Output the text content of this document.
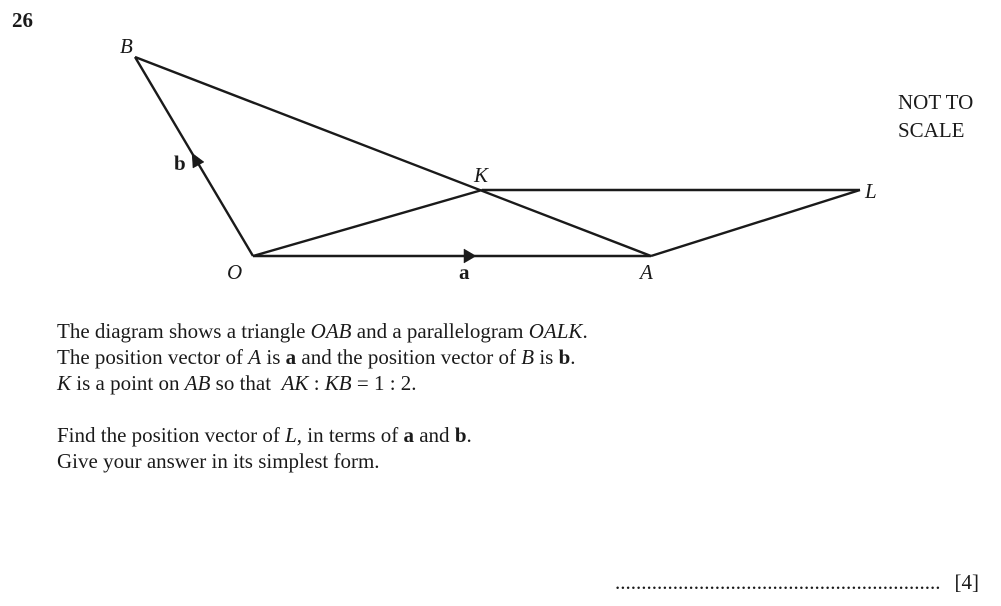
26
B
K
L
O	A
b
a
NOT TO
SCALE
The diagram shows a triangle OAB and a parallelogram OALK.
The position vector of A is a and the position vector of B is b.
K is a point on AB so that  AK : KB = 1 : 2.
Find the position vector of L, in terms of a and b.
Give your answer in its simplest form.
.............................................................. [4]
